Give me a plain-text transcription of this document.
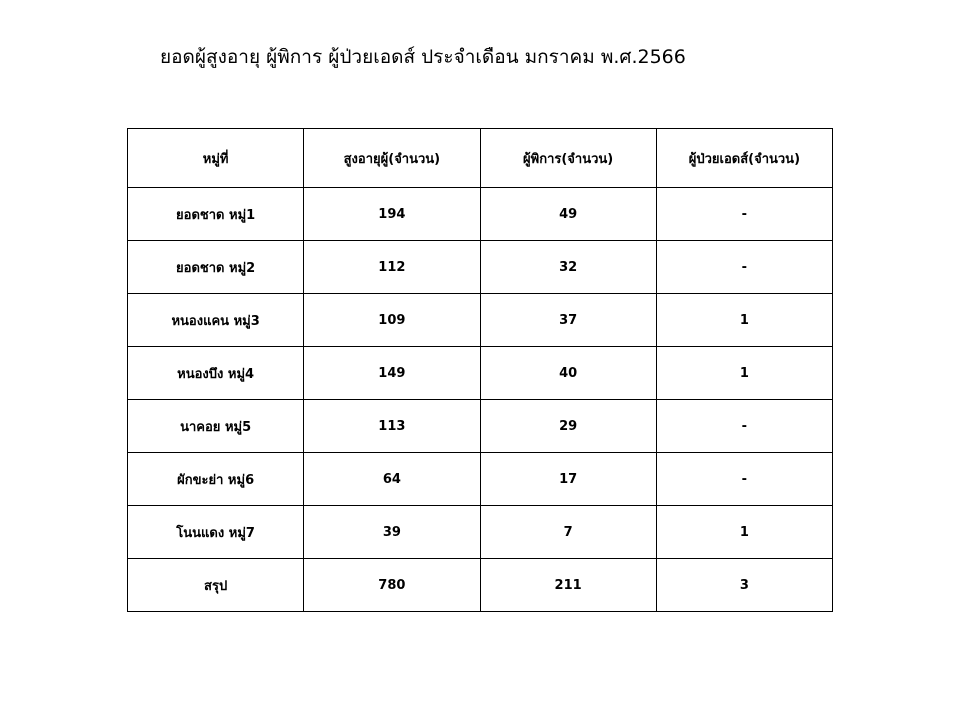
ยอดผู้สูงอายุ ผู้พิการ ผู้ป่วยเอดส์ ประจำเดือน มกราคม พ.ศ.2566
หมู่ที่	สูงอายุผู้(จำนวน)	ผู้พิการ(จำนวน)	ผู้ป่วยเอดส์(จำนวน)
ยอดชาด หมู่1	194	49	-
ยอดชาด หมู่2	112	32	-
หนองแคน หมู่3	109	37	1
หนองบึง หมู่4	149	40	1
นาคอย หมู่5	113	29	-
ผักขะย่า หมู่6	64	17	-
โนนแดง หมู่7	39	7	1
สรุป	780	211	3
